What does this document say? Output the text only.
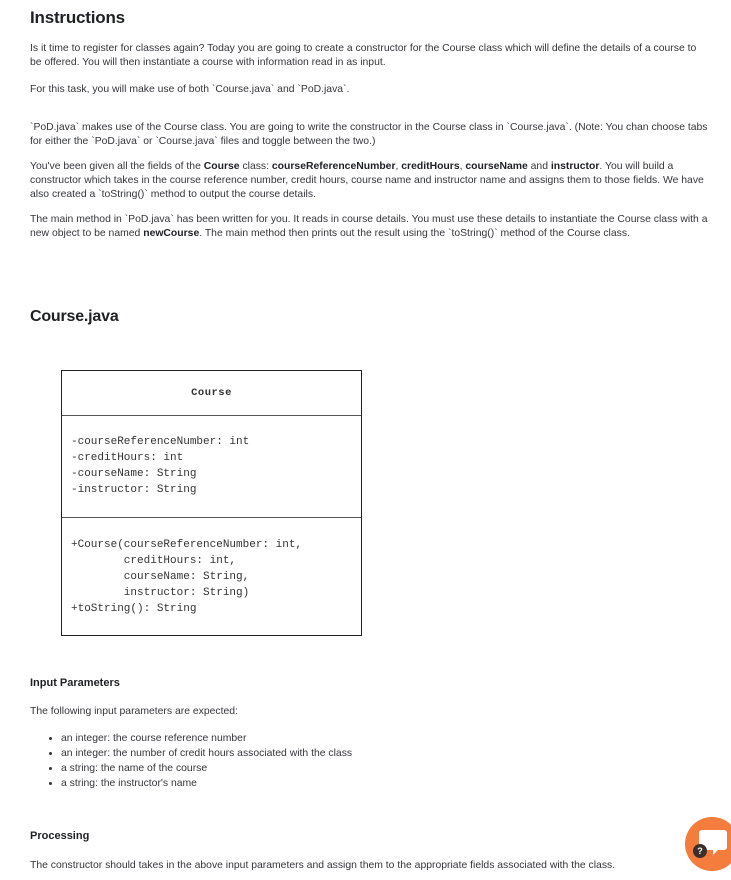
Instructions

Is it time to register for classes again? Today you are going to create a constructor for the Course class which will define the details of a course to be offered. You will then instantiate a course with information read in as input.

For this task, you will make use of both `Course.java` and `PoD.java`.

`PoD.java` makes use of the Course class. You are going to write the constructor in the Course class in `Course.java`. (Note: You chan choose tabs for either the `PoD.java` or `Course.java` files and toggle between the two.)

You've been given all the fields of the Course class: courseReferenceNumber, creditHours, courseName and instructor. You will build a constructor which takes in the course reference number, credit hours, course name and instructor name and assigns them to those fields. We have also created a `toString()` method to output the course details.

The main method in `PoD.java` has been written for you. It reads in course details. You must use these details to instantiate the Course class with a new object to be named newCourse. The main method then prints out the result using the `toString()` method of the Course class.

Course.java
Course
-courseReferenceNumber: int
-creditHours: int
-courseName: String
-instructor: String
+Course(courseReferenceNumber: int,
creditHours: int,
courseName: String,
instructor: String)
+toString(): String
Input Parameters

The following input parameters are expected:

• an integer: the course reference number
• an integer: the number of credit hours associated with the class
• a string: the name of the course
• a string: the instructor's name
Processing

The constructor should takes in the above input parameters and assign them to the appropriate fields associated with the class.

?
